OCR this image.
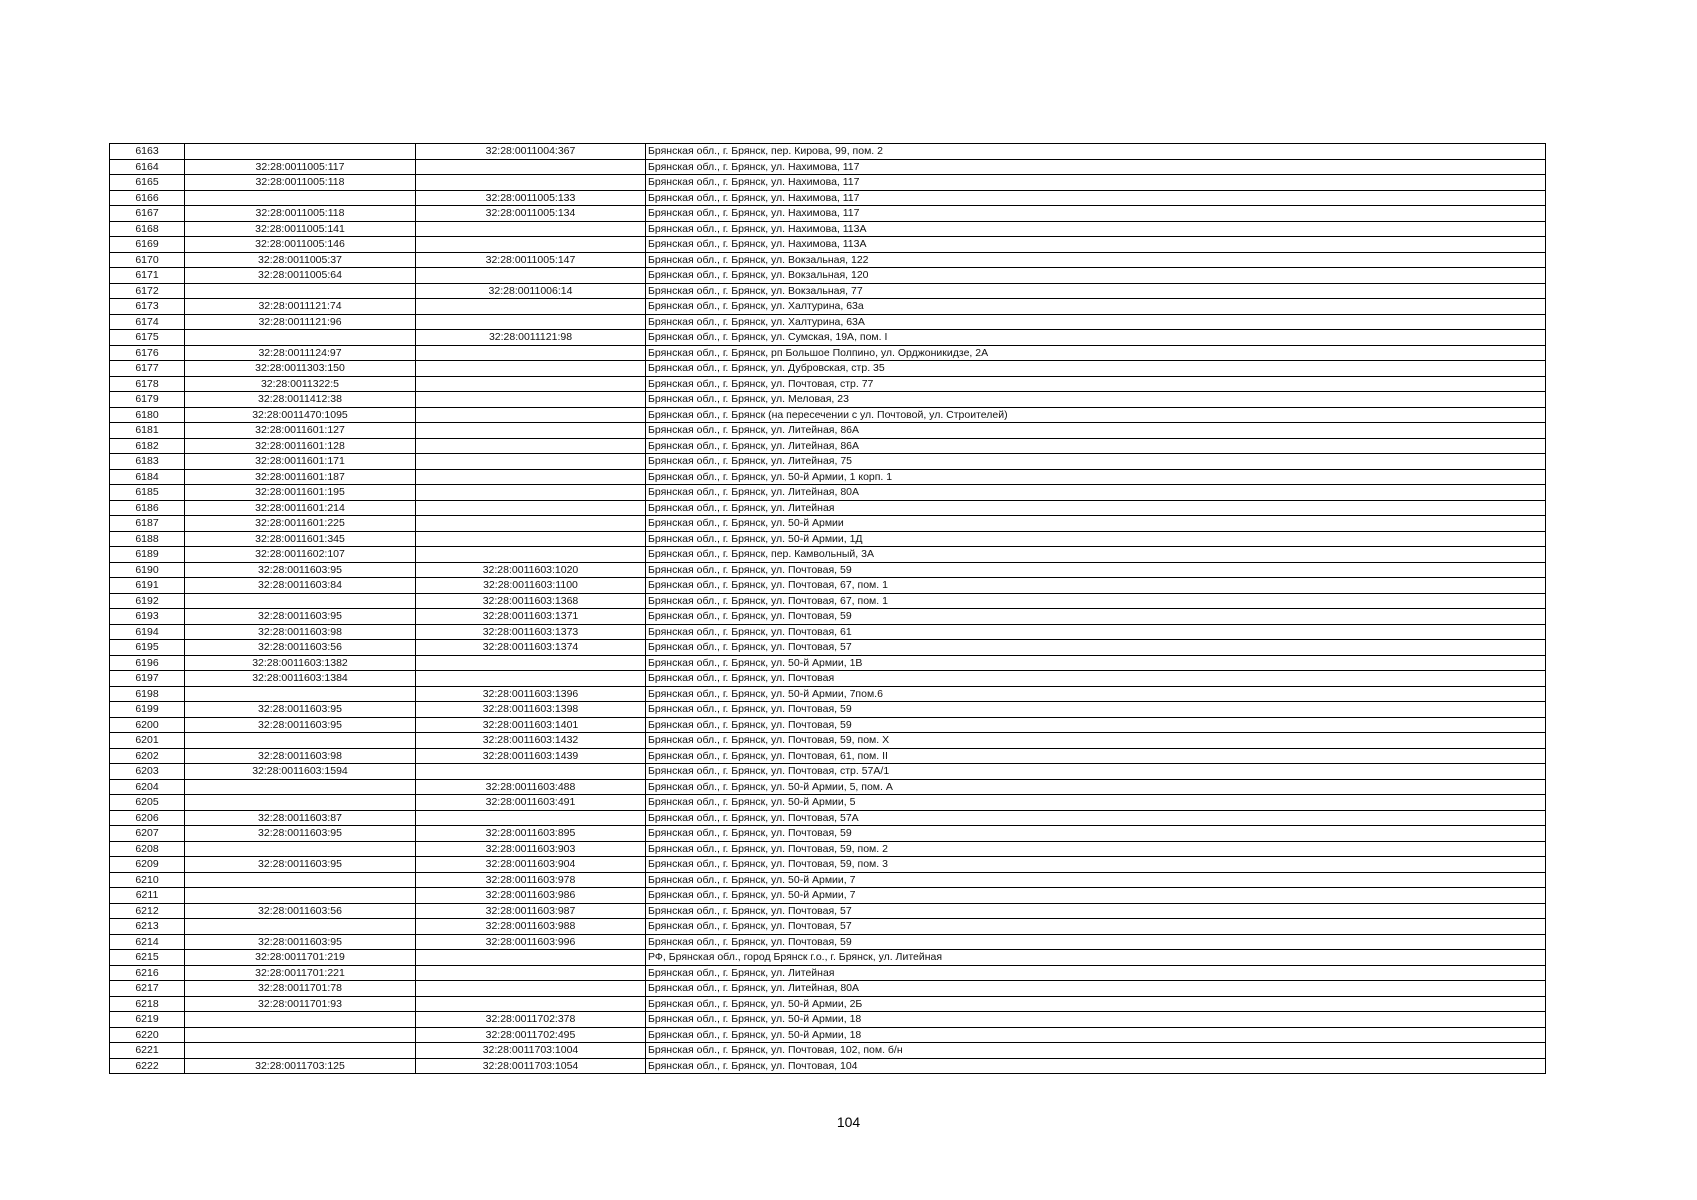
6163		32:28:0011004:367	Брянская обл., г. Брянск, пер. Кирова, 99, пом. 2
6164	32:28:0011005:117		Брянская обл., г. Брянск, ул. Нахимова, 117
6165	32:28:0011005:118		Брянская обл., г. Брянск, ул. Нахимова, 117
6166		32:28:0011005:133	Брянская обл., г. Брянск, ул. Нахимова, 117
6167	32:28:0011005:118	32:28:0011005:134	Брянская обл., г. Брянск, ул. Нахимова, 117
6168	32:28:0011005:141		Брянская обл., г. Брянск, ул. Нахимова, 113А
6169	32:28:0011005:146		Брянская обл., г. Брянск, ул. Нахимова, 113А
6170	32:28:0011005:37	32:28:0011005:147	Брянская обл., г. Брянск, ул. Вокзальная, 122
6171	32:28:0011005:64		Брянская обл., г. Брянск, ул. Вокзальная, 120
6172		32:28:0011006:14	Брянская обл., г. Брянск, ул. Вокзальная, 77
6173	32:28:0011121:74		Брянская обл., г. Брянск, ул. Халтурина, 63а
6174	32:28:0011121:96		Брянская обл., г. Брянск, ул. Халтурина, 63А
6175		32:28:0011121:98	Брянская обл., г. Брянск, ул. Сумская, 19А, пом. I
6176	32:28:0011124:97		Брянская обл., г. Брянск, рп Большое Полпино, ул. Орджоникидзе, 2А
6177	32:28:0011303:150		Брянская обл., г. Брянск, ул. Дубровская, стр. 35
6178	32:28:0011322:5		Брянская обл., г. Брянск, ул. Почтовая, стр. 77
6179	32:28:0011412:38		Брянская обл., г. Брянск, ул. Меловая, 23
6180	32:28:0011470:1095		Брянская обл., г. Брянск (на пересечении с ул. Почтовой, ул. Строителей)
6181	32:28:0011601:127		Брянская обл., г. Брянск, ул. Литейная, 86А
6182	32:28:0011601:128		Брянская обл., г. Брянск, ул. Литейная, 86А
6183	32:28:0011601:171		Брянская обл., г. Брянск, ул. Литейная, 75
6184	32:28:0011601:187		Брянская обл., г. Брянск, ул. 50-й Армии, 1 корп. 1
6185	32:28:0011601:195		Брянская обл., г. Брянск, ул. Литейная, 80А
6186	32:28:0011601:214		Брянская обл., г. Брянск, ул. Литейная
6187	32:28:0011601:225		Брянская обл., г. Брянск, ул. 50-й Армии
6188	32:28:0011601:345		Брянская обл., г. Брянск, ул. 50-й Армии, 1Д
6189	32:28:0011602:107		Брянская обл., г. Брянск, пер. Камвольный, 3А
6190	32:28:0011603:95	32:28:0011603:1020	Брянская обл., г. Брянск, ул. Почтовая, 59
6191	32:28:0011603:84	32:28:0011603:1100	Брянская обл., г. Брянск, ул. Почтовая, 67, пом. 1
6192		32:28:0011603:1368	Брянская обл., г. Брянск, ул. Почтовая, 67, пом. 1
6193	32:28:0011603:95	32:28:0011603:1371	Брянская обл., г. Брянск, ул. Почтовая, 59
6194	32:28:0011603:98	32:28:0011603:1373	Брянская обл., г. Брянск, ул. Почтовая, 61
6195	32:28:0011603:56	32:28:0011603:1374	Брянская обл., г. Брянск, ул. Почтовая, 57
6196	32:28:0011603:1382		Брянская обл., г. Брянск, ул. 50-й Армии, 1В
6197	32:28:0011603:1384		Брянская обл., г. Брянск, ул. Почтовая
6198		32:28:0011603:1396	Брянская обл., г. Брянск, ул. 50-й Армии, 7пом.6
6199	32:28:0011603:95	32:28:0011603:1398	Брянская обл., г. Брянск, ул. Почтовая, 59
6200	32:28:0011603:95	32:28:0011603:1401	Брянская обл., г. Брянск, ул. Почтовая, 59
6201		32:28:0011603:1432	Брянская обл., г. Брянск, ул. Почтовая, 59, пом. X
6202	32:28:0011603:98	32:28:0011603:1439	Брянская обл., г. Брянск, ул. Почтовая, 61, пом. II
6203	32:28:0011603:1594		Брянская обл., г. Брянск, ул. Почтовая, стр. 57А/1
6204		32:28:0011603:488	Брянская обл., г. Брянск, ул. 50-й Армии, 5, пом. А
6205		32:28:0011603:491	Брянская обл., г. Брянск, ул. 50-й Армии, 5
6206	32:28:0011603:87		Брянская обл., г. Брянск, ул. Почтовая, 57А
6207	32:28:0011603:95	32:28:0011603:895	Брянская обл., г. Брянск, ул. Почтовая, 59
6208		32:28:0011603:903	Брянская обл., г. Брянск, ул. Почтовая, 59, пом. 2
6209	32:28:0011603:95	32:28:0011603:904	Брянская обл., г. Брянск, ул. Почтовая, 59, пом. 3
6210		32:28:0011603:978	Брянская обл., г. Брянск, ул. 50-й Армии, 7
6211		32:28:0011603:986	Брянская обл., г. Брянск, ул. 50-й Армии, 7
6212	32:28:0011603:56	32:28:0011603:987	Брянская обл., г. Брянск, ул. Почтовая, 57
6213		32:28:0011603:988	Брянская обл., г. Брянск, ул. Почтовая, 57
6214	32:28:0011603:95	32:28:0011603:996	Брянская обл., г. Брянск, ул. Почтовая, 59
6215	32:28:0011701:219		РФ, Брянская обл., город Брянск г.о., г. Брянск, ул. Литейная
6216	32:28:0011701:221		Брянская обл., г. Брянск, ул. Литейная
6217	32:28:0011701:78		Брянская обл., г. Брянск, ул. Литейная, 80А
6218	32:28:0011701:93		Брянская обл., г. Брянск, ул. 50-й Армии, 2Б
6219		32:28:0011702:378	Брянская обл., г. Брянск, ул. 50-й Армии, 18
6220		32:28:0011702:495	Брянская обл., г. Брянск, ул. 50-й Армии, 18
6221		32:28:0011703:1004	Брянская обл., г. Брянск, ул. Почтовая, 102, пом. б/н
6222	32:28:0011703:125	32:28:0011703:1054	Брянская обл., г. Брянск, ул. Почтовая, 104
104
